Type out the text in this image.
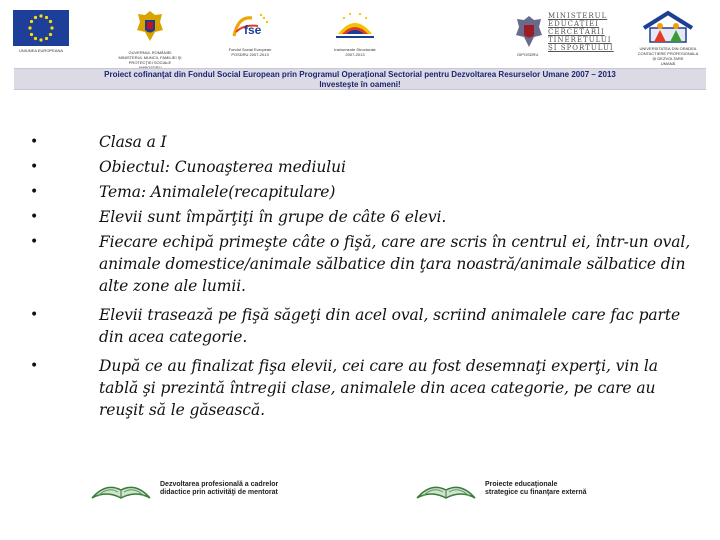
UNIUNEA EUROPEANA	GUVERNUL ROMÂNIEI
MINISTERUL MUNCII, FAMILIEI ŞI
PROTECŢIEI SOCIALE
fse
Fondul Social European
POSDRU 2007-2013
Instrumente Structurale
2007-2013
MINISTERUL
EDUCAŢIEI
CERCETĂRII
TINERETULUI
ŞI SPORTULUI
OIPOSDRU
UNIVERSITATEA DIN ORADEA
CONTACTIERE PROFESIONALA
ŞI DEZVOLTARE
UMANĂ
Proiect cofinanţat din Fondul Social European prin Programul Operaţional Sectorial pentru Dezvoltarea Resurselor Umane 2007 – 2013
Investeşte în oameni!
•	Clasa a I
•	Obiectul: Cunoaşterea mediului
•	Tema: Animalele(recapitulare)
•	Elevii sunt împărţiţi în grupe de câte 6 elevi.
•	Fiecare echipă primeşte câte o fişă, care are scris în centrul ei, într-un oval, animale domestice/animale sălbatice din ţara noastră/animale sălbatice din alte zone ale lumii.
•	Elevii trasează pe fişă săgeţi din acel oval, scriind animalele care fac parte din acea categorie.
•	După ce au finalizat fişa elevii, cei care au fost desemnaţi experţi, vin la tablă şi prezintă întregii clase, animalele din acea categorie, pe care au reuşit să le găsească.
Dezvoltarea profesională a cadrelor
didactice prin activităţi de mentorat
Proiecte educaţionale
strategice cu finanţare externă
